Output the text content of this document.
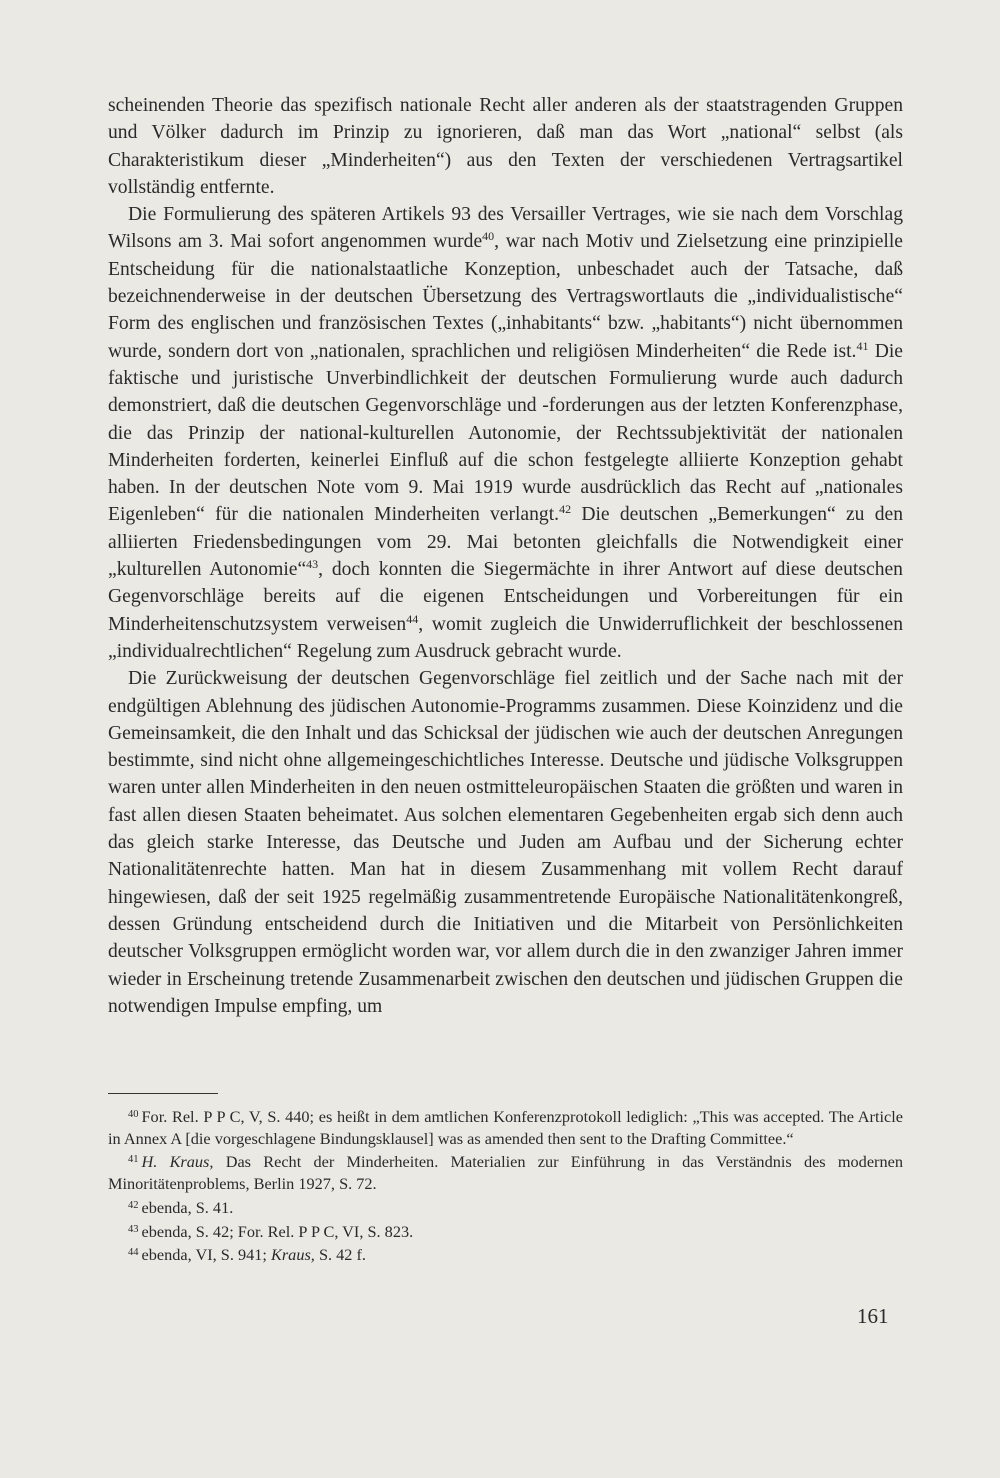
scheinenden Theorie das spezifisch nationale Recht aller anderen als der staatstragenden Gruppen und Völker dadurch im Prinzip zu ignorieren, daß man das Wort „national“ selbst (als Charakteristikum dieser „Minderheiten“) aus den Texten der verschiedenen Vertragsartikel vollständig entfernte.

Die Formulierung des späteren Artikels 93 des Versailler Vertrages, wie sie nach dem Vorschlag Wilsons am 3. Mai sofort angenommen wurde$^{40}$, war nach Motiv und Zielsetzung eine prinzipielle Entscheidung für die nationalstaatliche Konzeption, unbeschadet auch der Tatsache, daß bezeichnenderweise in der deutschen Übersetzung des Vertragswortlauts die „individualistische“ Form des englischen und französischen Textes („inhabitants“ bzw. „habitants“) nicht übernommen wurde, sondern dort von „nationalen, sprachlichen und religiösen Minderheiten“ die Rede ist.$^{41}$ Die faktische und juristische Unverbindlichkeit der deutschen Formulierung wurde auch dadurch demonstriert, daß die deutschen Gegenvorschläge und -forderungen aus der letzten Konferenzphase, die das Prinzip der national-kulturellen Autonomie, der Rechtssubjektivität der nationalen Minderheiten forderten, keinerlei Einfluß auf die schon festgelegte alliierte Konzeption gehabt haben. In der deutschen Note vom 9. Mai 1919 wurde ausdrücklich das Recht auf „nationales Eigenleben“ für die nationalen Minderheiten verlangt.$^{42}$ Die deutschen „Bemerkungen“ zu den alliierten Friedensbedingungen vom 29. Mai betonten gleichfalls die Notwendigkeit einer „kulturellen Autonomie“$^{43}$, doch konnten die Siegermächte in ihrer Antwort auf diese deutschen Gegenvorschläge bereits auf die eigenen Entscheidungen und Vorbereitungen für ein Minderheitenschutzsystem verweisen$^{44}$, womit zugleich die Unwiderruflichkeit der beschlossenen „individualrechtlichen“ Regelung zum Ausdruck gebracht wurde.

Die Zurückweisung der deutschen Gegenvorschläge fiel zeitlich und der Sache nach mit der endgültigen Ablehnung des jüdischen Autonomie-Programms zusammen. Diese Koinzidenz und die Gemeinsamkeit, die den Inhalt und das Schicksal der jüdischen wie auch der deutschen Anregungen bestimmte, sind nicht ohne allgemeingeschichtliches Interesse. Deutsche und jüdische Volksgruppen waren unter allen Minderheiten in den neuen ostmitteleuropäischen Staaten die größten und waren in fast allen diesen Staaten beheimatet. Aus solchen elementaren Gegebenheiten ergab sich denn auch das gleich starke Interesse, das Deutsche und Juden am Aufbau und der Sicherung echter Nationalitätenrechte hatten. Man hat in diesem Zusammenhang mit vollem Recht darauf hingewiesen, daß der seit 1925 regelmäßig zusammentretende Europäische Nationalitätenkongreß, dessen Gründung entscheidend durch die Initiativen und die Mitarbeit von Persönlichkeiten deutscher Volksgruppen ermöglicht worden war, vor allem durch die in den zwanziger Jahren immer wieder in Erscheinung tretende Zusammenarbeit zwischen den deutschen und jüdischen Gruppen die notwendigen Impulse empfing, um

$^{40}$ For. Rel. P P C, V, S. 440; es heißt in dem amtlichen Konferenzprotokoll lediglich: „This was accepted. The Article in Annex A [die vorgeschlagene Bindungsklausel] was as amended then sent to the Drafting Committee.“
$^{41}$ H. Kraus, Das Recht der Minderheiten. Materialien zur Einführung in das Verständnis des modernen Minoritätenproblems, Berlin 1927, S. 72.
$^{42}$ ebenda, S. 41.
$^{43}$ ebenda, S. 42; For. Rel. P P C, VI, S. 823.
$^{44}$ ebenda, VI, S. 941; Kraus, S. 42 f.
161
